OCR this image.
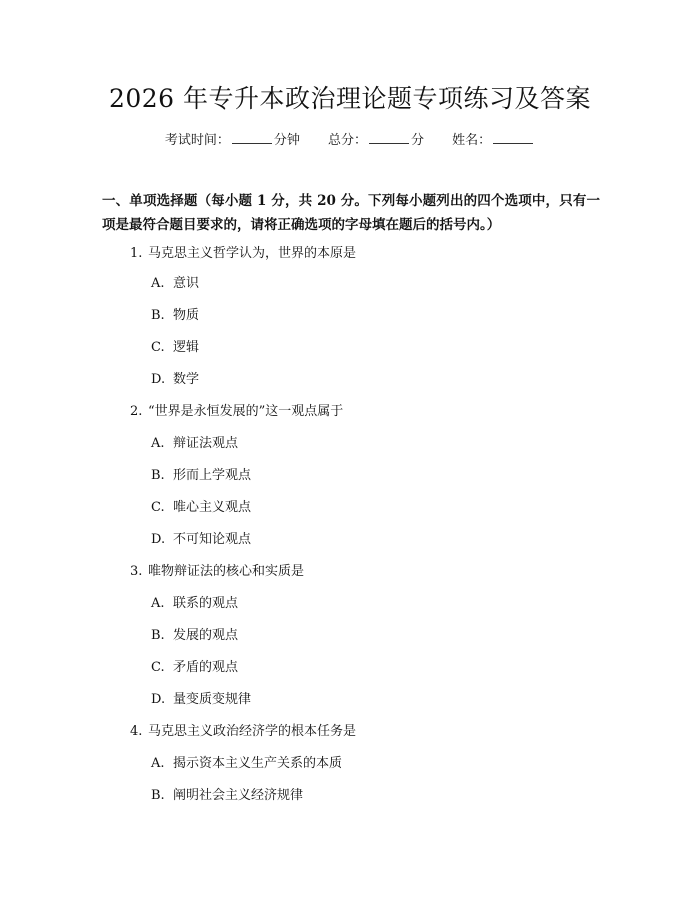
2026 年专升本政治理论题专项练习及答案
考试时间：	分钟 总分：	分 姓名：
一、单项选择题（每小题 1 分，共 20 分。下列每小题列出的四个选项中，只有一项是最符合题目要求的，请将正确选项的字母填在题后的括号内。）
1. 马克思主义哲学认为，世界的本原是
A. 意识
B. 物质
C. 逻辑
D. 数学
2. “世界是永恒发展的”这一观点属于
A. 辩证法观点
B. 形而上学观点
C. 唯心主义观点
D. 不可知论观点
3. 唯物辩证法的核心和实质是
A. 联系的观点
B. 发展的观点
C. 矛盾的观点
D. 量变质变规律
4. 马克思主义政治经济学的根本任务是
A. 揭示资本主义生产关系的本质
B. 阐明社会主义经济规律
